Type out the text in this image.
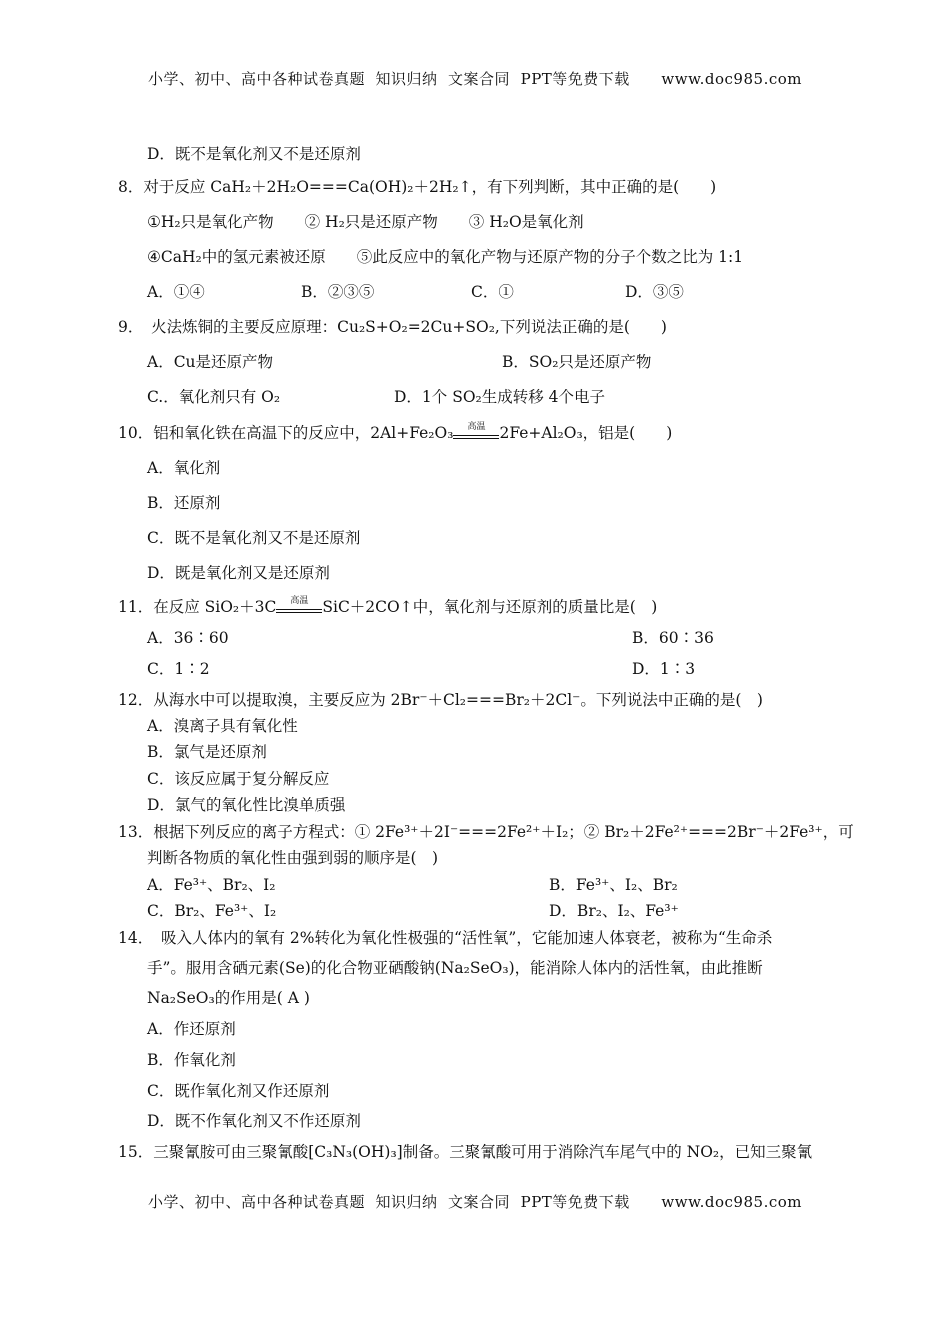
小学、初中、高中各种试卷真题  知识归纳  文案合同  PPT等免费下载      www.doc985.com
D．既不是氧化剂又不是还原剂
8．对于反应 CaH₂＋2H₂O===Ca(OH)₂＋2H₂↑，有下列判断，其中正确的是(　　)
①H₂只是氧化产物　　② H₂只是还原产物　　③ H₂O是氧化剂
④CaH₂中的氢元素被还原　　⑤此反应中的氧化产物与还原产物的分子个数之比为 1:1
A．①④	B．②③⑤	C．①	D．③⑤
9．　火法炼铜的主要反应原理：Cu₂S+O₂=2Cu+SO₂,下列说法正确的是(　　)
A．Cu是还原产物	B．SO₂只是还原产物
C.．氧化剂只有 O₂	D．1个 SO₂生成转移 4个电子
10．铝和氧化铁在高温下的反应中，2Al+Fe₂O₃	高温 2Fe+Al₂O₃，铝是(　　)
A．氧化剂
B．还原剂
C．既不是氧化剂又不是还原剂
D．既是氧化剂又是还原剂
11．在反应 SiO₂＋3C	高温 SiC＋2CO↑中，氧化剂与还原剂的质量比是(　)
A．36∶60	B．60∶36
C．1∶2	D．1∶3
12．从海水中可以提取溴，主要反应为 2Br⁻＋Cl₂===Br₂＋2Cl⁻。下列说法中正确的是(　)
A．溴离子具有氧化性
B．氯气是还原剂
C．该反应属于复分解反应
D．氯气的氧化性比溴单质强
13．根据下列反应的离子方程式：① 2Fe³⁺＋2I⁻===2Fe²⁺＋I₂；② Br₂＋2Fe²⁺===2Br⁻＋2Fe³⁺，可
判断各物质的氧化性由强到弱的顺序是(　)
A．Fe³⁺、Br₂、I₂	B．Fe³⁺、I₂、Br₂
C．Br₂、Fe³⁺、I₂	D．Br₂、I₂、Fe³⁺
14．　吸入人体内的氧有 2%转化为氧化性极强的“活性氧”，它能加速人体衰老，被称为“生命杀
手”。服用含硒元素(Se)的化合物亚硒酸钠(Na₂SeO₃)，能消除人体内的活性氧，由此推断
Na₂SeO₃的作用是( A )
A．作还原剂
B．作氧化剂
C．既作氧化剂又作还原剂
D．既不作氧化剂又不作还原剂
15．三聚氰胺可由三聚氰酸[C₃N₃(OH)₃]制备。三聚氰酸可用于消除汽车尾气中的 NO₂，已知三聚氰
小学、初中、高中各种试卷真题  知识归纳  文案合同  PPT等免费下载      www.doc985.com
